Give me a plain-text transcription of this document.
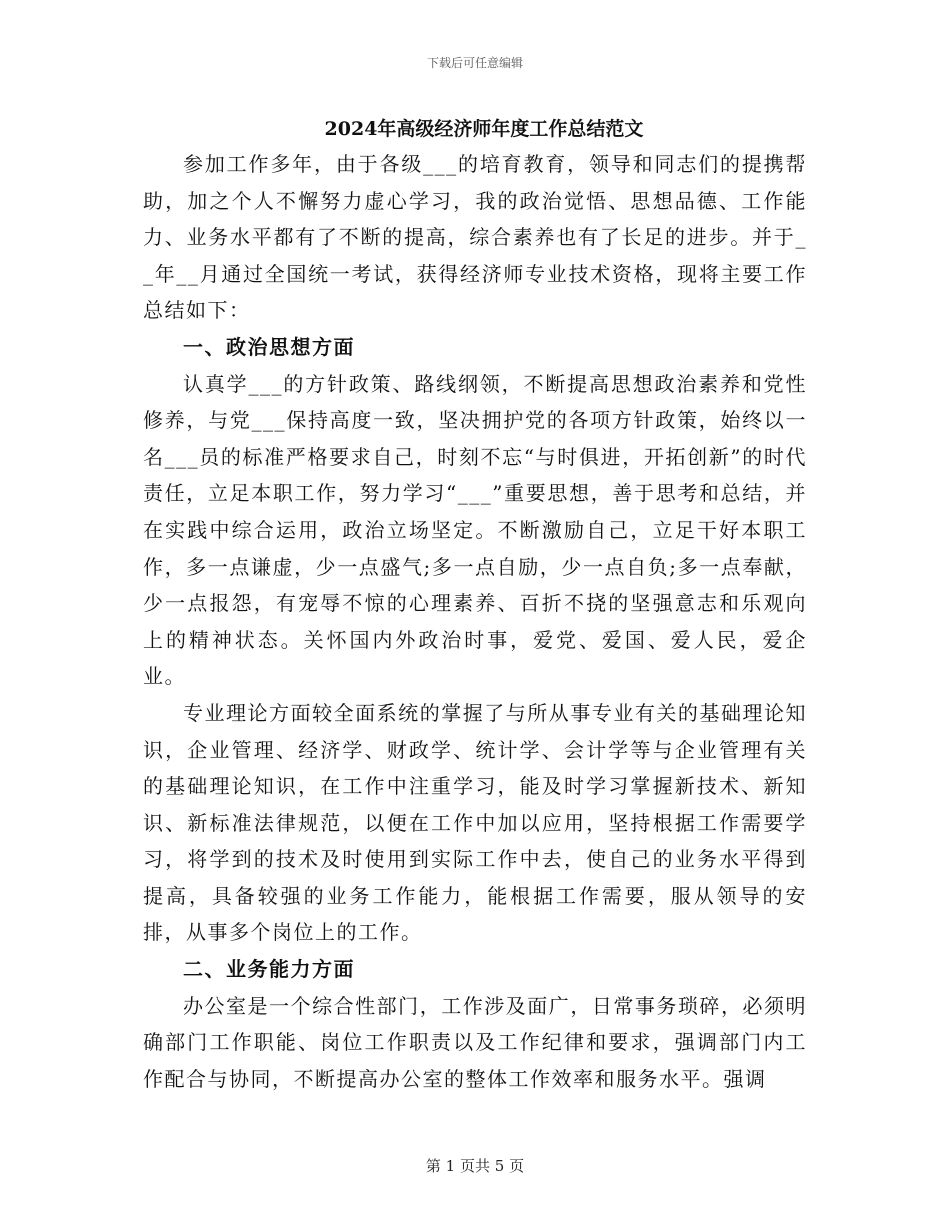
下载后可任意编辑
2024年高级经济师年度工作总结范文

参加工作多年，由于各级___的培育教育，领导和同志们的提携帮助，加之个人不懈努力虚心学习，我的政治觉悟、思想品德、工作能力、业务水平都有了不断的提高，综合素养也有了长足的进步。并于__年__月通过全国统一考试，获得经济师专业技术资格，现将主要工作总结如下：

一、政治思想方面

认真学___的方针政策、路线纲领，不断提高思想政治素养和党性修养，与党___保持高度一致，坚决拥护党的各项方针政策，始终以一名___员的标准严格要求自己，时刻不忘“与时俱进，开拓创新”的时代责任，立足本职工作，努力学习“___”重要思想，善于思考和总结，并在实践中综合运用，政治立场坚定。不断激励自己，立足干好本职工作，多一点谦虚，少一点盛气;多一点自励，少一点自负;多一点奉献，少一点报怨，有宠辱不惊的心理素养、百折不挠的坚强意志和乐观向上的精神状态。关怀国内外政治时事，爱党、爱国、爱人民，爱企业。

专业理论方面较全面系统的掌握了与所从事专业有关的基础理论知识，企业管理、经济学、财政学、统计学、会计学等与企业管理有关的基础理论知识，在工作中注重学习，能及时学习掌握新技术、新知识、新标准法律规范，以便在工作中加以应用，坚持根据工作需要学习，将学到的技术及时使用到实际工作中去，使自己的业务水平得到提高，具备较强的业务工作能力，能根据工作需要，服从领导的安排，从事多个岗位上的工作。

二、业务能力方面

办公室是一个综合性部门，工作涉及面广，日常事务琐碎，必须明确部门工作职能、岗位工作职责以及工作纪律和要求，强调部门内工作配合与协同，不断提高办公室的整体工作效率和服务水平。强调

第 1 页共 5 页
